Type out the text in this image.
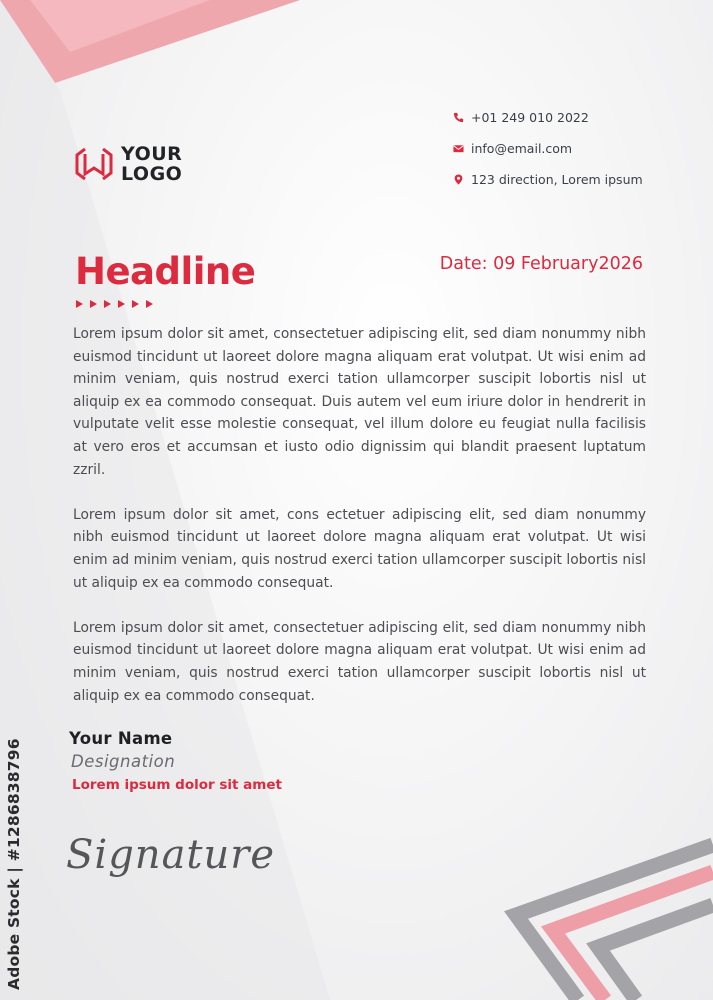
YOUR
LOGO
+01 249 010 2022
info@email.com
123 direction, Lorem ipsum
Headline	Date: 09 February2026

Lorem ipsum dolor sit amet, consectetuer adipiscing elit, sed diam nonummy nibh euismod tincidunt ut laoreet dolore magna aliquam erat volutpat. Ut wisi enim ad minim veniam, quis nostrud exerci tation ullamcorper suscipit lobortis nisl ut aliquip ex ea commodo consequat. Duis autem vel eum iriure dolor in hendrerit in vulputate velit esse molestie consequat, vel illum dolore eu feugiat nulla facilisis at vero eros et accumsan et iusto odio dignissim qui blandit praesent luptatum zzril.

Lorem ipsum dolor sit amet, cons ectetuer adipiscing elit, sed diam nonummy nibh euismod tincidunt ut laoreet dolore magna aliquam erat volutpat. Ut wisi enim ad minim veniam, quis nostrud exerci tation ullamcorper suscipit lobortis nisl ut aliquip ex ea commodo consequat.

Lorem ipsum dolor sit amet, consectetuer adipiscing elit, sed diam nonummy nibh euismod tincidunt ut laoreet dolore magna aliquam erat volutpat. Ut wisi enim ad minim veniam, quis nostrud exerci tation ullamcorper suscipit lobortis nisl ut aliquip ex ea commodo consequat.

Your Name
Designation
Lorem ipsum dolor sit amet
Signature
Adobe Stock | #1286838796
